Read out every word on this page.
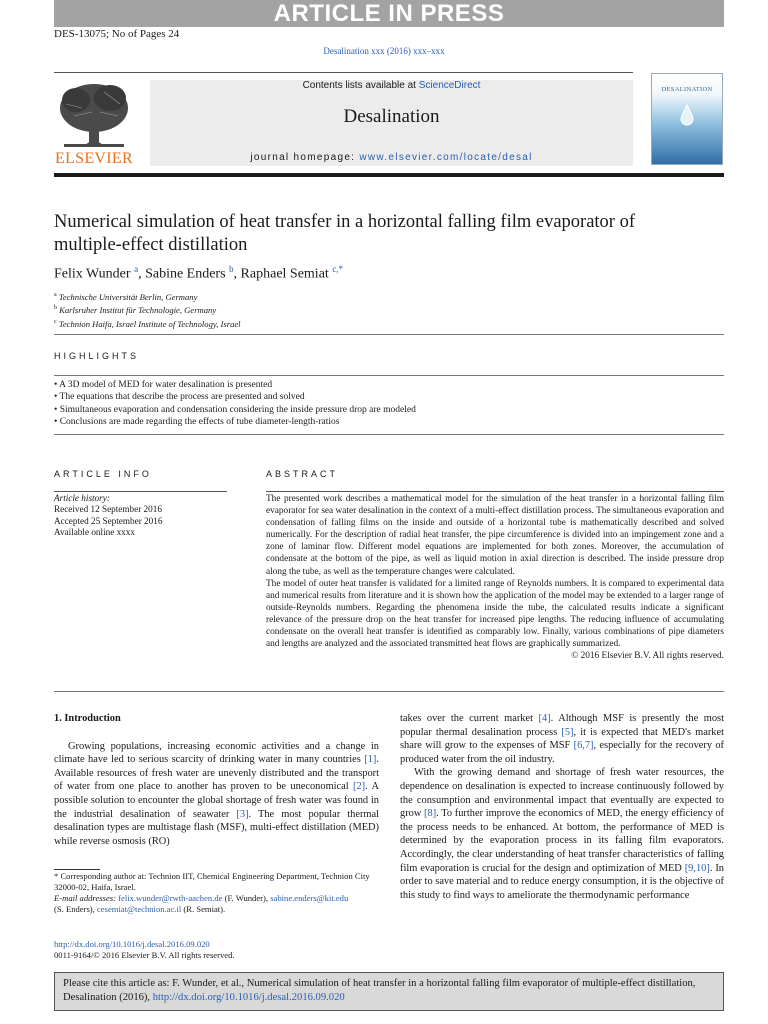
ARTICLE IN PRESS
DES-13075; No of Pages 24
Desalination xxx (2016) xxx–xxx
ELSEVIER
Contents lists available at ScienceDirect
Desalination
journal homepage: www.elsevier.com/locate/desal
DESALINATION
Numerical simulation of heat transfer in a horizontal falling film evaporator of
multiple-effect distillation
Felix Wunder $^a$, Sabine Enders $^b$, Raphael Semiat $^{c,*}$
$^a$ Technische Universität Berlin, Germany
$^b$ Karlsruher Institut für Technologie, Germany
$^c$ Technion Haifa, Israel Institute of Technology, Israel
HIGHLIGHTS
• A 3D model of MED for water desalination is presented
• The equations that describe the process are presented and solved
• Simultaneous evaporation and condensation considering the inside pressure drop are modeled
• Conclusions are made regarding the effects of tube diameter-length-ratios
ARTICLE INFO	ABSTRACT
Article history:
Received 12 September 2016
Accepted 25 September 2016
Available online xxxx

The presented work describes a mathematical model for the simulation of the heat transfer in a horizontal falling film evaporator for sea water desalination in the context of a multi-effect distillation process. The simultaneous evaporation and condensation of falling films on the inside and outside of a horizontal tube is mathematically described and solved numerically. For the description of radial heat transfer, the pipe circumference is divided into an impingement zone and a zone of laminar flow. Different model equations are implemented for both zones. Moreover, the accumulation of condensate at the bottom of the pipe, as well as liquid motion in axial direction is described. The inside pressure drop along the tube, as well as the temperature changes were calculated.

The model of outer heat transfer is validated for a limited range of Reynolds numbers. It is compared to experimental data and numerical results from literature and it is shown how the application of the model may be extended to a larger range of outside-Reynolds numbers. Regarding the phenomena inside the tube, the calculated results indicate a significant relevance of the pressure drop on the heat transfer for increased pipe lengths. The reducing influence of accumulating condensate on the overall heat transfer is identified as comparably low. Finally, various combinations of pipe diameters and lengths are analyzed and the associated transmitted heat flows are graphically summarized.

© 2016 Elsevier B.V. All rights reserved.

1. Introduction

Growing populations, increasing economic activities and a change in climate have led to serious scarcity of drinking water in many countries [1]. Available resources of fresh water are unevenly distributed and the transport of water from one place to another has proven to be uneconomical [2]. A possible solution to encounter the global shortage of fresh water was found in the industrial desalination of seawater [3]. The most popular thermal desalination types are multistage flash (MSF), multi-effect distillation (MED) while reverse osmosis (RO)

takes over the current market [4]. Although MSF is presently the most popular thermal desalination process [5], it is expected that MED's market share will grow to the expenses of MSF [6,7], especially for the recovery of produced water from the oil industry.

With the growing demand and shortage of fresh water resources, the dependence on desalination is expected to increase continuously followed by the consumption and environmental impact that eventually are expected to grow [8]. To further improve the economics of MED, the energy efficiency of the process needs to be enhanced. At bottom, the performance of MED is determined by the evaporation process in its falling film evaporators. Accordingly, the clear understanding of heat transfer characteristics of falling film evaporation is crucial for the design and optimization of MED [9,10]. In order to save material and to reduce energy consumption, it is the objective of this study to find ways to ameliorate the thermodynamic performance

* Corresponding author at: Technion IIT, Chemical Engineering Department, Technion City 32000-02, Haifa, Israel.

E-mail addresses: felix.wunder@rwth-aachen.de (F. Wunder), sabine.enders@kit.edu
(S. Enders), cesemiat@technion.ac.il (R. Semiat).

http://dx.doi.org/10.1016/j.desal.2016.09.020
0011-9164/© 2016 Elsevier B.V. All rights reserved.
Please cite this article as: F. Wunder, et al., Numerical simulation of heat transfer in a horizontal falling film evaporator of multiple-effect distillation, Desalination (2016), http://dx.doi.org/10.1016/j.desal.2016.09.020
